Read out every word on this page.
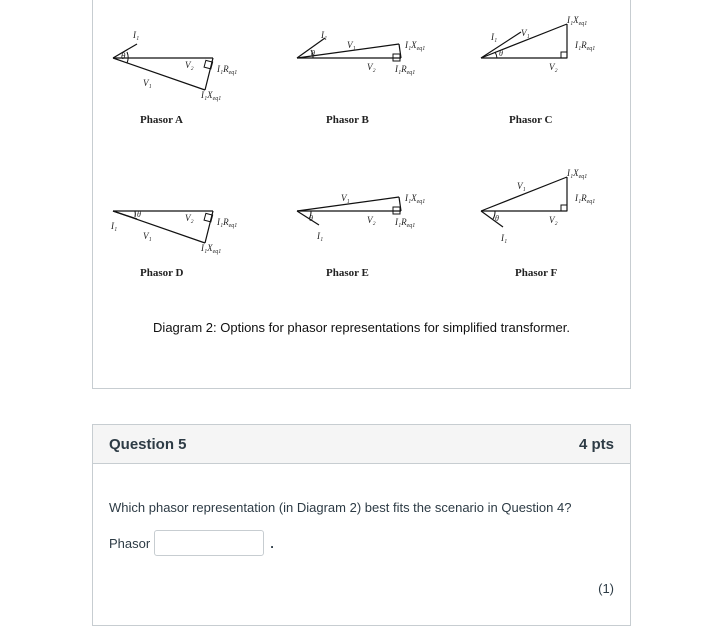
I₁
θ
V₂
V₁
$I_1R_{eq1}$
$I_1X_{eq1}$
Phasor A
I₁
θ
V₁
V₂
$I_1X_{eq1}$
$I_1R_{eq1}$
Phasor B
I₁
θ
V₁
V₂
$I_1X_{eq1}$
$I_1R_{eq1}$
Phasor C
I₁
θ	V₂
V₁
$I_1R_{eq1}$
$I_1X_{eq1}$
Phasor D
I₁
θ
V₁
V₂
$I_1X_{eq1}$
$I_1R_{eq1}$
Phasor E
I₁
θ
V₁
V₂
$I_1X_{eq1}$
$I_1R_{eq1}$
Phasor F
Diagram 2: Options for phasor representations for simplified transformer.
Question 5	4 pts
Which phasor representation (in Diagram 2) best fits the scenario in Question 4?
Phasor	.
(1)
